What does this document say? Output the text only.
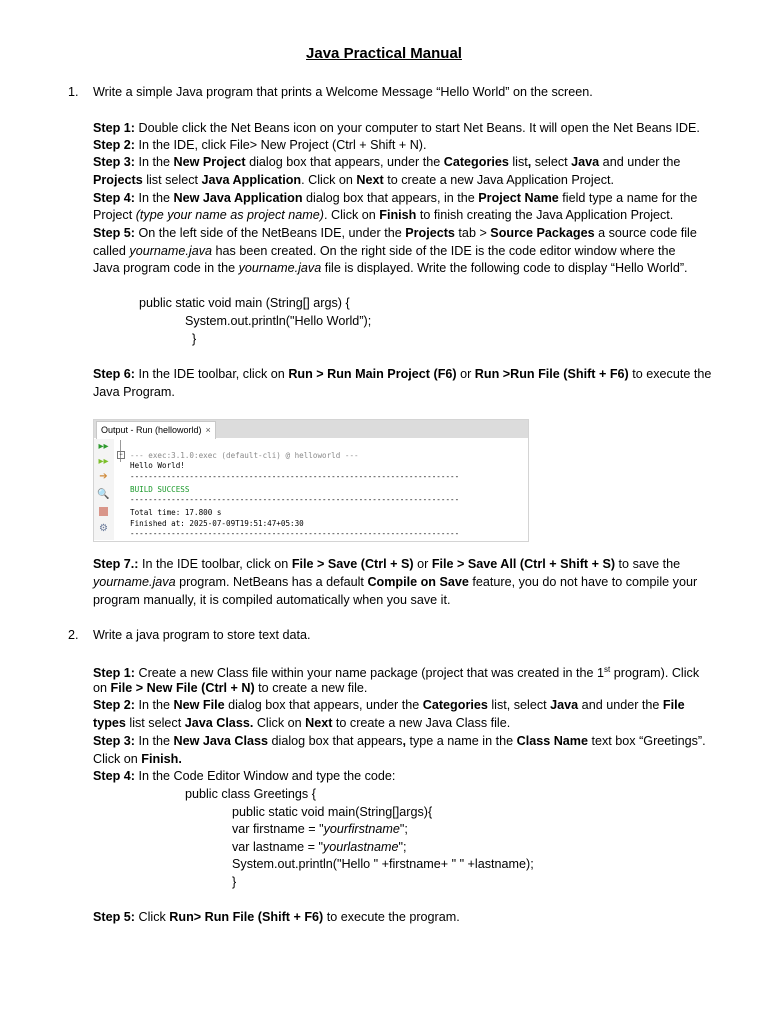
Java Practical Manual
1. Write a simple Java program that prints a Welcome Message “Hello World” on the screen.
Step 1: Double click the Net Beans icon on your computer to start Net Beans. It will open the Net Beans IDE.
Step 2: In the IDE, click File> New Project (Ctrl + Shift + N).
Step 3: In the New Project dialog box that appears, under the Categories list, select Java and under the
Projects list select Java Application. Click on Next to create a new Java Application Project.
Step 4: In the New Java Application dialog box that appears, in the Project Name field type a name for the
Project (type your name as project name). Click on Finish to finish creating the Java Application Project.
Step 5: On the left side of the NetBeans IDE, under the Projects tab > Source Packages a source code file
called yourname.java has been created. On the right side of the IDE is the code editor window where the
Java program code in the yourname.java file is displayed. Write the following code to display “Hello World”.
public static void main (String[] args) {
System.out.println("Hello World”);
}
Step 6: In the IDE toolbar, click on Run > Run Main Project (F6) or Run >Run File (Shift + F6) to execute the
Java Program.
Output - Run (helloworld) ×
▸▸
▸▸
➔
🔍
⚙
− --- exec:3.1.0:exec (default-cli) @ helloworld ---
Hello World!
------------------------------------------------------------------------
BUILD SUCCESS
------------------------------------------------------------------------
Total time: 17.800 s
Finished at: 2025-07-09T19:51:47+05:30
------------------------------------------------------------------------
Step 7.: In the IDE toolbar, click on File > Save (Ctrl + S) or File > Save All (Ctrl + Shift + S) to save the
yourname.java program. NetBeans has a default Compile on Save feature, you do not have to compile your
program manually, it is compiled automatically when you save it.
2. Write a java program to store text data.
Step 1: Create a new Class file within your name package (project that was created in the 1st program). Click
on File > New File (Ctrl + N) to create a new file.
Step 2: In the New File dialog box that appears, under the Categories list, select Java and under the File
types list select Java Class. Click on Next to create a new Java Class file.
Step 3: In the New Java Class dialog box that appears, type a name in the Class Name text box “Greetings”.
Click on Finish.
Step 4: In the Code Editor Window and type the code:
public class Greetings {
public static void main(String[]args){
var firstname = "yourfirstname";
var lastname = "yourlastname";
System.out.println("Hello " +firstname+ " " +lastname);
}
Step 5: Click Run> Run File (Shift + F6) to execute the program.
